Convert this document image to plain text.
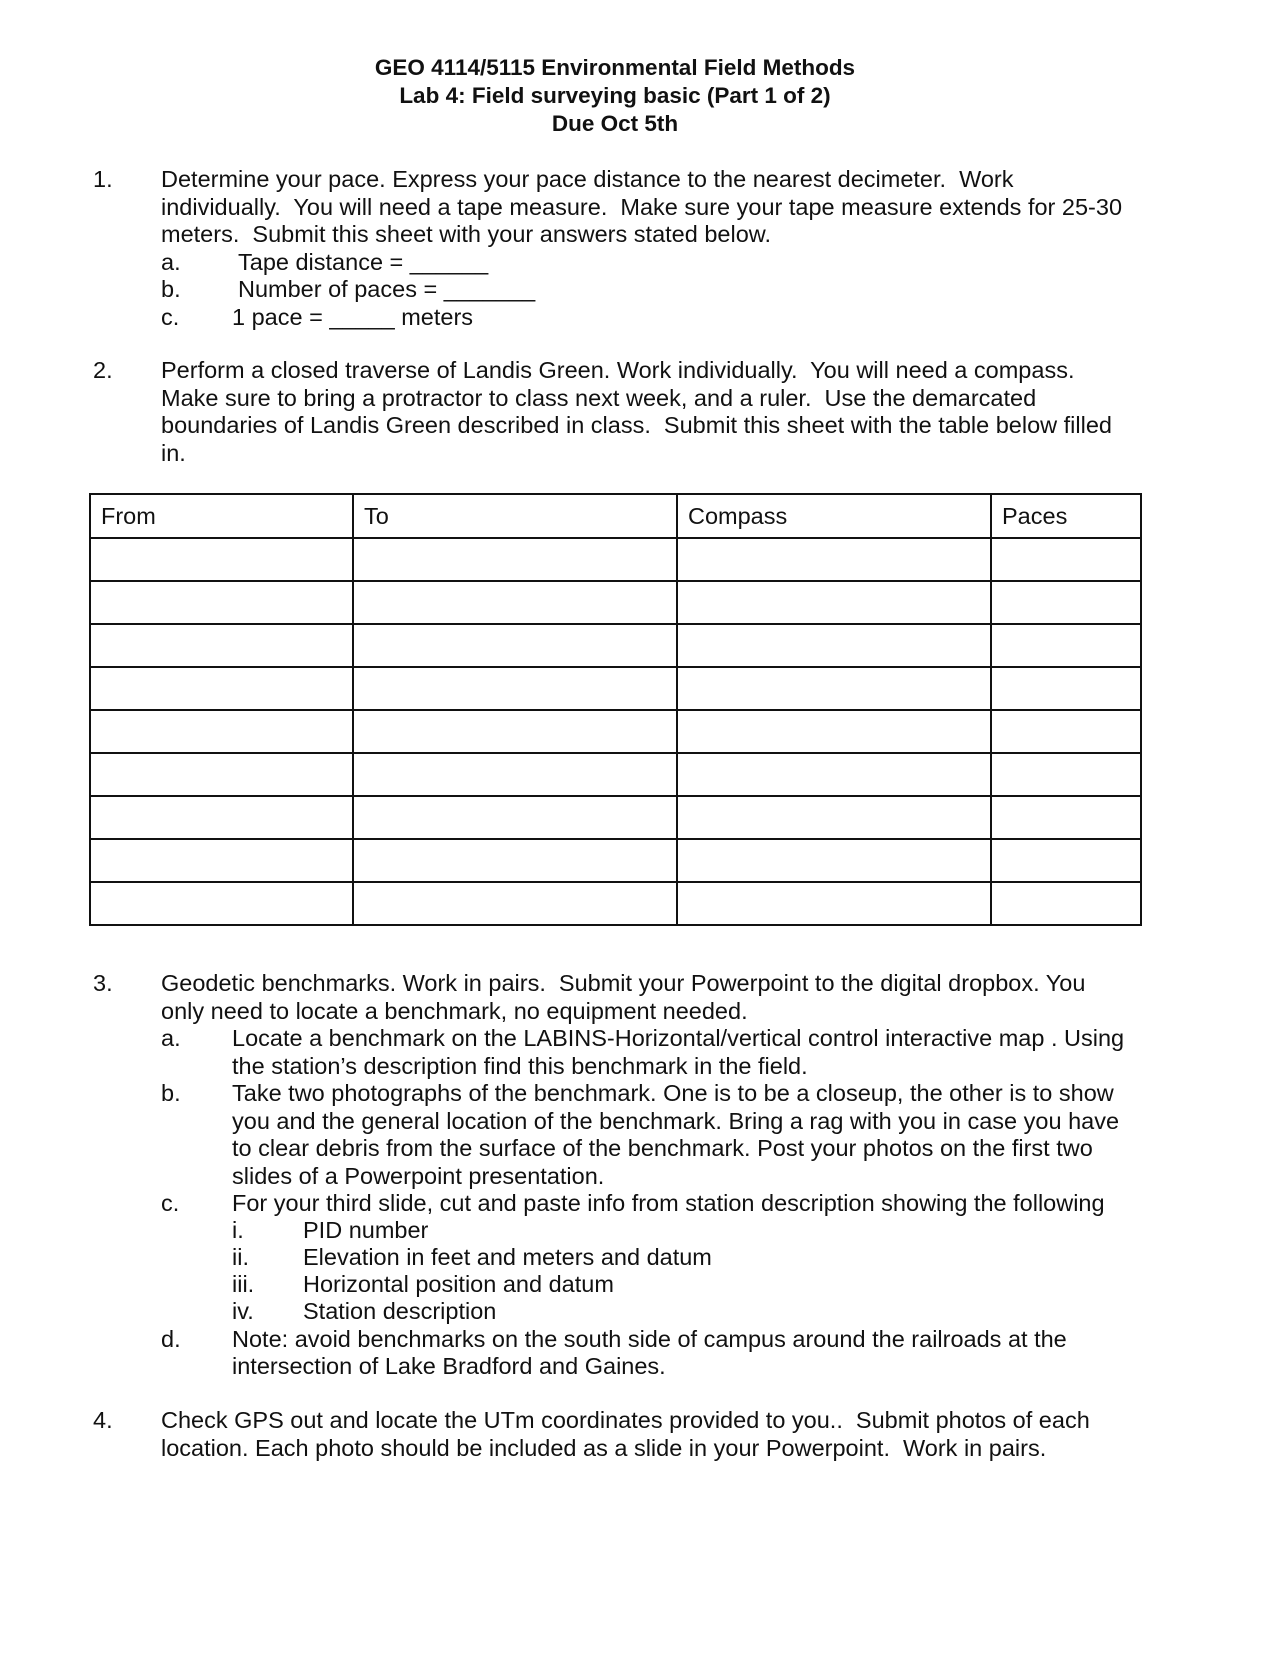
GEO 4114/5115 Environmental Field Methods
Lab 4: Field surveying basic (Part 1 of 2)
Due Oct 5th
1. Determine your pace. Express your pace distance to the nearest decimeter.  Work
individually.  You will need a tape measure.  Make sure your tape measure extends for 25-30
meters.  Submit this sheet with your answers stated below.
a. Tape distance = ______
b. Number of paces = _______
c. 1 pace = _____ meters
2. Perform a closed traverse of Landis Green. Work individually.  You will need a compass.
Make sure to bring a protractor to class next week, and a ruler.  Use the demarcated
boundaries of Landis Green described in class.  Submit this sheet with the table below filled
in.
3. Geodetic benchmarks. Work in pairs.  Submit your Powerpoint to the digital dropbox. You
only need to locate a benchmark, no equipment needed.
a. Locate a benchmark on the LABINS-Horizontal/vertical control interactive map . Using
the station’s description find this benchmark in the field.
b. Take two photographs of the benchmark. One is to be a closeup, the other is to show
you and the general location of the benchmark. Bring a rag with you in case you have
to clear debris from the surface of the benchmark. Post your photos on the first two
slides of a Powerpoint presentation.
c. For your third slide, cut and paste info from station description showing the following
d. Note: avoid benchmarks on the south side of campus around the railroads at the
intersection of Lake Bradford and Gaines.
i.	PID number
ii. Elevation in feet and meters and datum
iii. Horizontal position and datum
iv. Station description
4. Check GPS out and locate the UTm coordinates provided to you..  Submit photos of each
location. Each photo should be included as a slide in your Powerpoint.  Work in pairs.
From	To	Compass	Paces
